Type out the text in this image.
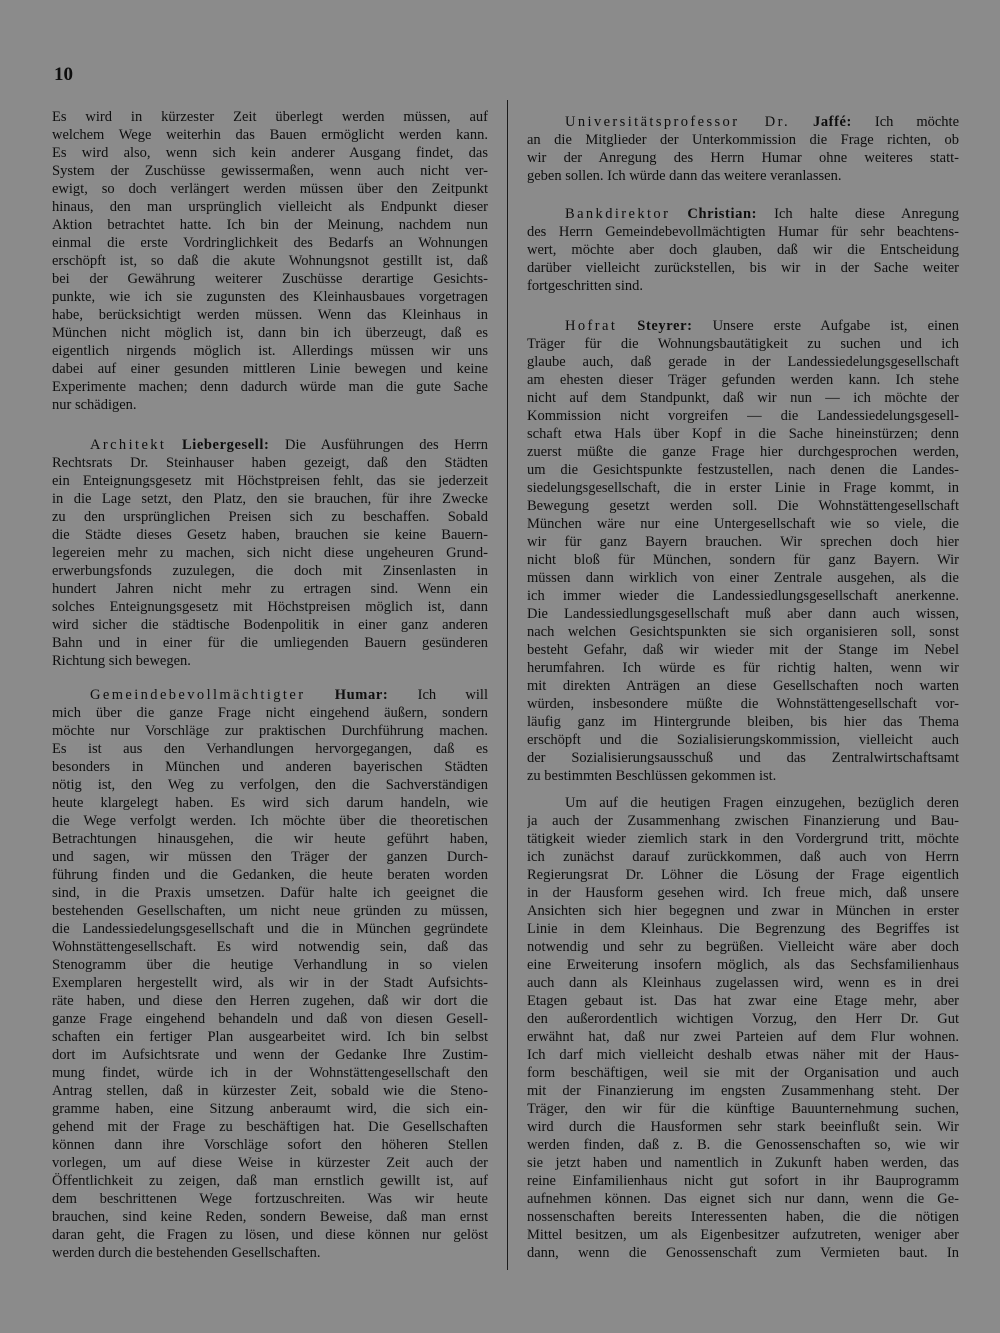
10
Es wird in kürzester Zeit überlegt werden müssen, auf
welchem Wege weiterhin das Bauen ermöglicht werden kann.
Es wird also, wenn sich kein anderer Ausgang findet, das
System der Zuschüsse gewissermaßen, wenn auch nicht ver-
ewigt, so doch verlängert werden müssen über den Zeitpunkt
hinaus, den man ursprünglich vielleicht als Endpunkt dieser
Aktion betrachtet hatte. Ich bin der Meinung, nachdem nun
einmal die erste Vordringlichkeit des Bedarfs an Wohnungen
erschöpft ist, so daß die akute Wohnungsnot gestillt ist, daß
bei der Gewährung weiterer Zuschüsse derartige Gesichts-
punkte, wie ich sie zugunsten des Kleinhausbaues vorgetragen
habe, berücksichtigt werden müssen. Wenn das Kleinhaus in
München nicht möglich ist, dann bin ich überzeugt, daß es
eigentlich nirgends möglich ist. Allerdings müssen wir uns
dabei auf einer gesunden mittleren Linie bewegen und keine
Experimente machen; denn dadurch würde man die gute Sache
nur schädigen.
Architekt Liebergesell: Die Ausführungen des Herrn
Rechtsrats Dr. Steinhauser haben gezeigt, daß den Städten
ein Enteignungsgesetz mit Höchstpreisen fehlt, das sie jederzeit
in die Lage setzt, den Platz, den sie brauchen, für ihre Zwecke
zu den ursprünglichen Preisen sich zu beschaffen. Sobald
die Städte dieses Gesetz haben, brauchen sie keine Bauern-
legereien mehr zu machen, sich nicht diese ungeheuren Grund-
erwerbungsfonds zuzulegen, die doch mit Zinsenlasten in
hundert Jahren nicht mehr zu ertragen sind. Wenn ein
solches Enteignungsgesetz mit Höchstpreisen möglich ist, dann
wird sicher die städtische Bodenpolitik in einer ganz anderen
Bahn und in einer für die umliegenden Bauern gesünderen
Richtung sich bewegen.
Gemeindebevollmächtigter Humar: Ich will
mich über die ganze Frage nicht eingehend äußern, sondern
möchte nur Vorschläge zur praktischen Durchführung machen.
Es ist aus den Verhandlungen hervorgegangen, daß es
besonders in München und anderen bayerischen Städten
nötig ist, den Weg zu verfolgen, den die Sachverständigen
heute klargelegt haben. Es wird sich darum handeln, wie
die Wege verfolgt werden. Ich möchte über die theoretischen
Betrachtungen hinausgehen, die wir heute geführt haben,
und sagen, wir müssen den Träger der ganzen Durch-
führung finden und die Gedanken, die heute beraten worden
sind, in die Praxis umsetzen. Dafür halte ich geeignet die
bestehenden Gesellschaften, um nicht neue gründen zu müssen,
die Landessiedelungsgesellschaft und die in München gegründete
Wohnstättengesellschaft. Es wird notwendig sein, daß das
Stenogramm über die heutige Verhandlung in so vielen
Exemplaren hergestellt wird, als wir in der Stadt Aufsichts-
räte haben, und diese den Herren zugehen, daß wir dort die
ganze Frage eingehend behandeln und daß von diesen Gesell-
schaften ein fertiger Plan ausgearbeitet wird. Ich bin selbst
dort im Aufsichtsrate und wenn der Gedanke Ihre Zustim-
mung findet, würde ich in der Wohnstättengesellschaft den
Antrag stellen, daß in kürzester Zeit, sobald wie die Steno-
gramme haben, eine Sitzung anberaumt wird, die sich ein-
gehend mit der Frage zu beschäftigen hat. Die Gesellschaften
können dann ihre Vorschläge sofort den höheren Stellen
vorlegen, um auf diese Weise in kürzester Zeit auch der
Öffentlichkeit zu zeigen, daß man ernstlich gewillt ist, auf
dem beschrittenen Wege fortzuschreiten. Was wir heute
brauchen, sind keine Reden, sondern Beweise, daß man ernst
daran geht, die Fragen zu lösen, und diese können nur gelöst
werden durch die bestehenden Gesellschaften.
Universitätsprofessor Dr. Jaffé: Ich möchte
an die Mitglieder der Unterkommission die Frage richten, ob
wir der Anregung des Herrn Humar ohne weiteres statt-
geben sollen. Ich würde dann das weitere veranlassen.
Bankdirektor Christian: Ich halte diese Anregung
des Herrn Gemeindebevollmächtigten Humar für sehr beachtens-
wert, möchte aber doch glauben, daß wir die Entscheidung
darüber vielleicht zurückstellen, bis wir in der Sache weiter
fortgeschritten sind.
Hofrat Steyrer: Unsere erste Aufgabe ist, einen
Träger für die Wohnungsbautätigkeit zu suchen und ich
glaube auch, daß gerade in der Landessiedelungsgesellschaft
am ehesten dieser Träger gefunden werden kann. Ich stehe
nicht auf dem Standpunkt, daß wir nun — ich möchte der
Kommission nicht vorgreifen — die Landessiedelungsgesell-
schaft etwa Hals über Kopf in die Sache hineinstürzen; denn
zuerst müßte die ganze Frage hier durchgesprochen werden,
um die Gesichtspunkte festzustellen, nach denen die Landes-
siedelungsgesellschaft, die in erster Linie in Frage kommt, in
Bewegung gesetzt werden soll. Die Wohnstättengesellschaft
München wäre nur eine Untergesellschaft wie so viele, die
wir für ganz Bayern brauchen. Wir sprechen doch hier
nicht bloß für München, sondern für ganz Bayern. Wir
müssen dann wirklich von einer Zentrale ausgehen, als die
ich immer wieder die Landessiedlungsgesellschaft anerkenne.
Die Landessiedlungsgesellschaft muß aber dann auch wissen,
nach welchen Gesichtspunkten sie sich organisieren soll, sonst
besteht Gefahr, daß wir wieder mit der Stange im Nebel
herumfahren. Ich würde es für richtig halten, wenn wir
mit direkten Anträgen an diese Gesellschaften noch warten
würden, insbesondere müßte die Wohnstättengesellschaft vor-
läufig ganz im Hintergrunde bleiben, bis hier das Thema
erschöpft und die Sozialisierungskommission, vielleicht auch
der Sozialisierungsausschuß und das Zentralwirtschaftsamt
zu bestimmten Beschlüssen gekommen ist.
Um auf die heutigen Fragen einzugehen, bezüglich deren
ja auch der Zusammenhang zwischen Finanzierung und Bau-
tätigkeit wieder ziemlich stark in den Vordergrund tritt, möchte
ich zunächst darauf zurückkommen, daß auch von Herrn
Regierungsrat Dr. Löhner die Lösung der Frage eigentlich
in der Hausform gesehen wird. Ich freue mich, daß unsere
Ansichten sich hier begegnen und zwar in München in erster
Linie in dem Kleinhaus. Die Begrenzung des Begriffes ist
notwendig und sehr zu begrüßen. Vielleicht wäre aber doch
eine Erweiterung insofern möglich, als das Sechsfamilienhaus
auch dann als Kleinhaus zugelassen wird, wenn es in drei
Etagen gebaut ist. Das hat zwar eine Etage mehr, aber
den außerordentlich wichtigen Vorzug, den Herr Dr. Gut
erwähnt hat, daß nur zwei Parteien auf dem Flur wohnen.
Ich darf mich vielleicht deshalb etwas näher mit der Haus-
form beschäftigen, weil sie mit der Organisation und auch
mit der Finanzierung im engsten Zusammenhang steht. Der
Träger, den wir für die künftige Bauunternehmung suchen,
wird durch die Hausformen sehr stark beeinflußt sein. Wir
werden finden, daß z. B. die Genossenschaften so, wie wir
sie jetzt haben und namentlich in Zukunft haben werden, das
reine Einfamilienhaus nicht gut sofort in ihr Bauprogramm
aufnehmen können. Das eignet sich nur dann, wenn die Ge-
nossenschaften bereits Interessenten haben, die die nötigen
Mittel besitzen, um als Eigenbesitzer aufzutreten, weniger aber
dann, wenn die Genossenschaft zum Vermieten baut. In
